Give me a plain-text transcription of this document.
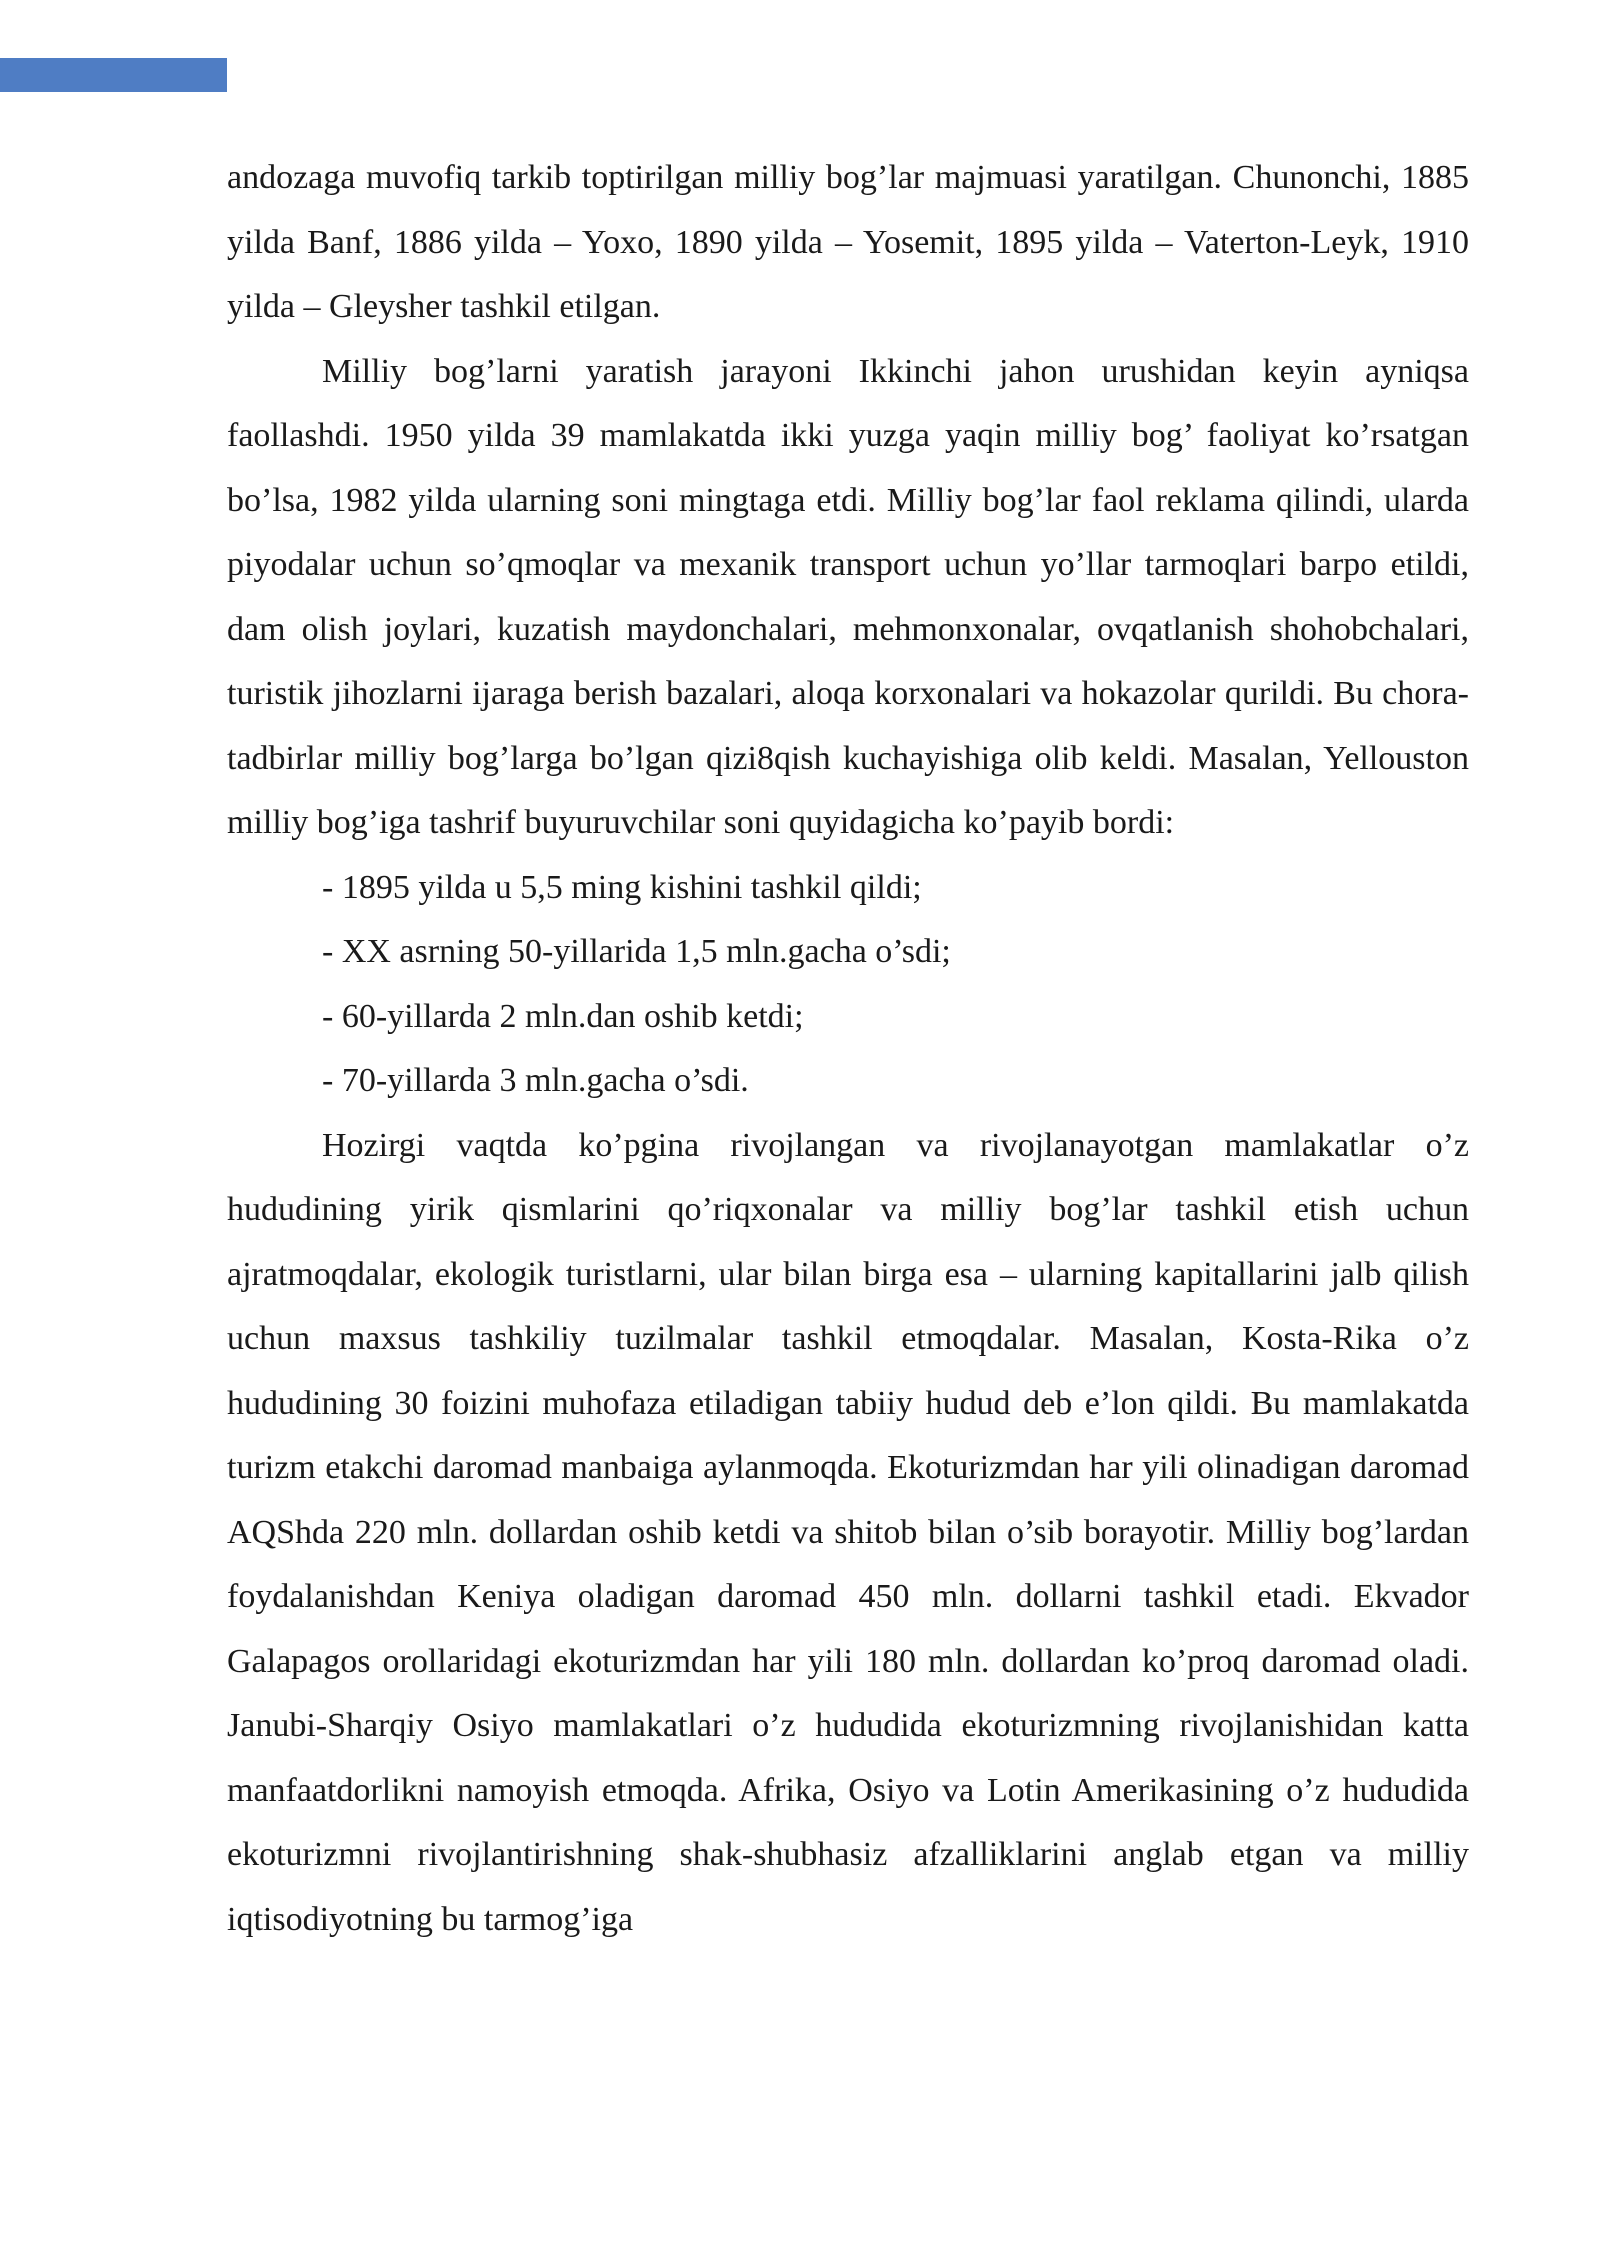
andozaga muvofiq tarkib toptirilgan milliy bog’lar majmuasi yaratilgan. Chunonchi, 1885 yilda Banf, 1886 yilda – Yoxo, 1890 yilda – Yosemit, 1895 yilda – Vaterton-Leyk, 1910 yilda – Gleysher tashkil etilgan.

Milliy bog’larni yaratish jarayoni Ikkinchi jahon urushidan keyin ayniqsa faollashdi. 1950 yilda 39 mamlakatda ikki yuzga yaqin milliy bog’ faoliyat ko’rsatgan bo’lsa, 1982 yilda ularning soni mingtaga etdi. Milliy bog’lar faol reklama qilindi, ularda piyodalar uchun so’qmoqlar va mexanik transport uchun yo’llar tarmoqlari barpo etildi, dam olish joylari, kuzatish maydonchalari, mehmonxonalar, ovqatlanish shohobchalari, turistik jihozlarni ijaraga berish bazalari, aloqa korxonalari va hokazolar qurildi. Bu chora-tadbirlar milliy bog’larga bo’lgan qizi8qish kuchayishiga olib keldi. Masalan, Yellouston milliy bog’iga tashrif buyuruvchilar soni quyidagicha ko’payib bordi:

- 1895 yilda u 5,5 ming kishini tashkil qildi;
- XX asrning 50-yillarida 1,5 mln.gacha o’sdi;
- 60-yillarda 2 mln.dan oshib ketdi;
- 70-yillarda 3 mln.gacha o’sdi.

Hozirgi vaqtda ko’pgina rivojlangan va rivojlanayotgan mamlakatlar o’z hududining yirik qismlarini qo’riqxonalar va milliy bog’lar tashkil etish uchun ajratmoqdalar, ekologik turistlarni, ular bilan birga esa – ularning kapitallarini jalb qilish uchun maxsus tashkiliy tuzilmalar tashkil etmoqdalar. Masalan, Kosta-Rika o’z hududining 30 foizini muhofaza etiladigan tabiiy hudud deb e’lon qildi. Bu mamlakatda turizm etakchi daromad manbaiga aylanmoqda. Ekoturizmdan har yili olinadigan daromad AQShda 220 mln. dollardan oshib ketdi va shitob bilan o’sib borayotir. Milliy bog’lardan foydalanishdan Keniya oladigan daromad 450 mln. dollarni tashkil etadi. Ekvador Galapagos orollaridagi ekoturizmdan har yili 180 mln. dollardan ko’proq daromad oladi. Janubi-Sharqiy Osiyo mamlakatlari o’z hududida ekoturizmning rivojlanishidan katta manfaatdorlikni namoyish etmoqda. Afrika, Osiyo va Lotin Amerikasining o’z hududida ekoturizmni rivojlantirishning shak-shubhasiz afzalliklarini anglab etgan va milliy iqtisodiyotning bu tarmog’iga
